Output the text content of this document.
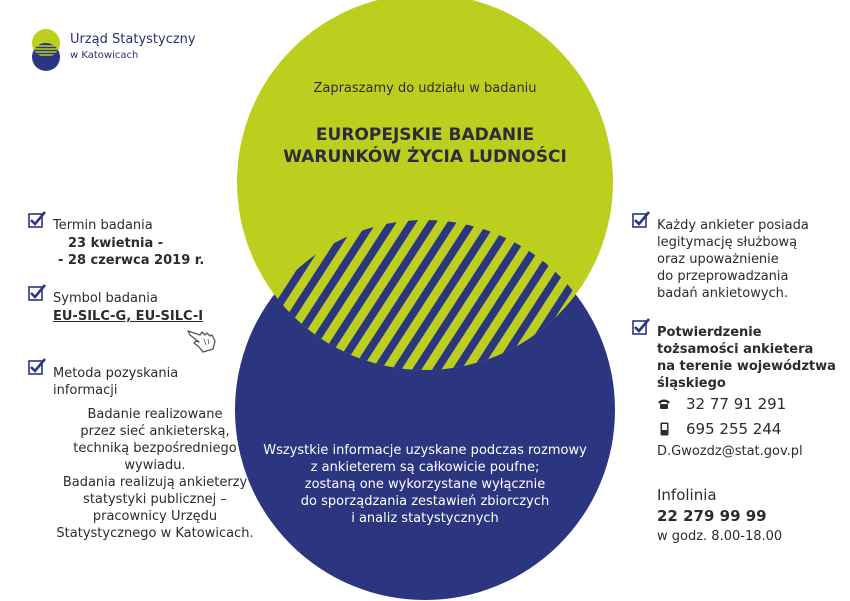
Urząd Statystyczny
w Katowicach
Zapraszamy do udziału w badaniu
EUROPEJSKIE BADANIE
WARUNKÓW ŻYCIA LUDNOŚCI
Termin badania
23 kwietnia -
- 28 czerwca 2019 r.
Symbol badania
EU-SILC-G, EU-SILC-I
Metoda pozyskania
informacji
Badanie realizowane
przez sieć ankieterską,
techniką bezpośredniego
wywiadu.
Badania realizują ankieterzy
statystyki publicznej –
pracownicy Urzędu
Statystycznego w Katowicach.
Wszystkie informacje uzyskane podczas rozmowy
z ankieterem są całkowicie poufne;
zostaną one wykorzystane wyłącznie
do sporządzania zestawień zbiorczych
i analiz statystycznych
Każdy ankieter posiada
legitymację służbową
oraz upoważnienie
do przeprowadzania
badań ankietowych.
Potwierdzenie
tożsamości ankietera
na terenie województwa
śląskiego
32 77 91 291
695 255 244
D.Gwozdz@stat.gov.pl
Infolinia
22 279 99 99
w godz. 8.00-18.00
